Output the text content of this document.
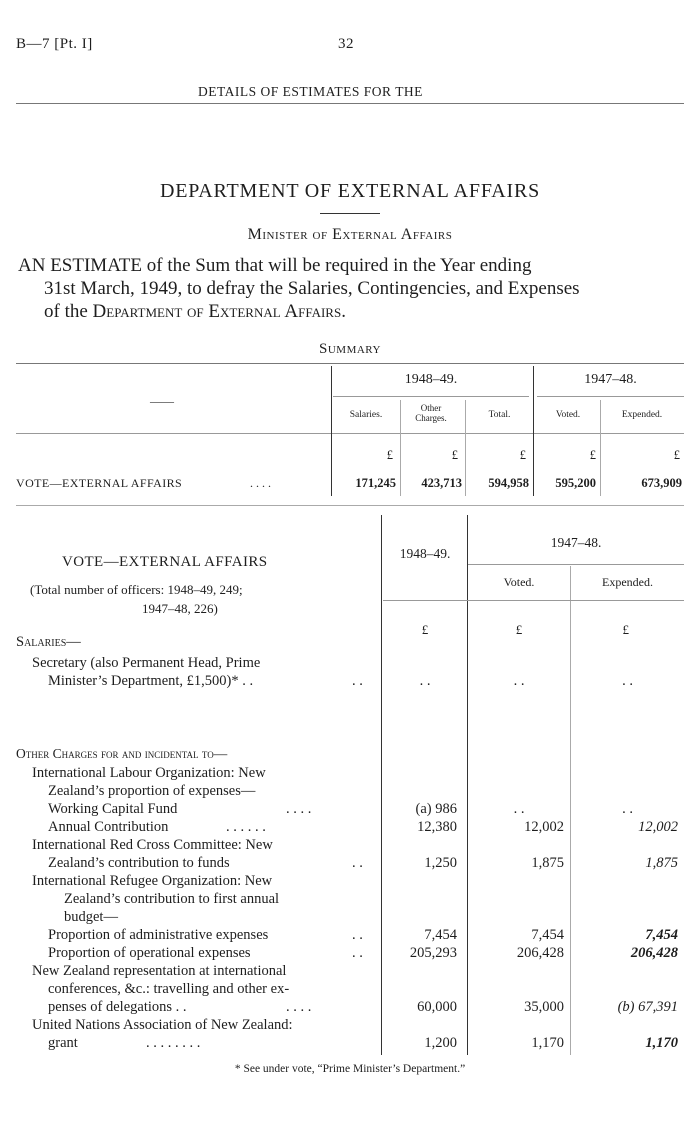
B—7 [Pt. I]	32
DETAILS OF ESTIMATES FOR THE
DEPARTMENT OF EXTERNAL AFFAIRS
Minister of External Affairs
AN ESTIMATE of the Sum that will be required in the Year ending
31st March, 1949, to defray the Salaries, Contingencies, and Expenses
of the Department of External Affairs.
Summary
——
1948–49.	1947–48.
Salaries.
Other Charges.	Total.	Voted.	Expended.
£	£	£	£	£
VOTE—EXTERNAL AFFAIRS	. . . .	171,245	423,713	594,958	595,200	673,909
VOTE—EXTERNAL AFFAIRS
(Total number of officers: 1948–49, 249;
1947–48, 226)
1948–49.
1947–48.
Voted.	Expended.
£	£	£
Salaries—
Secretary (also Permanent Head, Prime
Minister’s Department, £1,500)* . .	. .	. .	. .	. .
Other Charges for and incidental to—
International Labour Organization: New
Zealand’s proportion of expenses—
Working Capital Fund	. . . .	(a) 986	. .	. .
Annual Contribution	. . . . . .	12,380	12,002	12,002
International Red Cross Committee: New
Zealand’s contribution to funds	. .	1,250	1,875	1,875
International Refugee Organization: New
Zealand’s contribution to first annual
budget—
Proportion of administrative expenses	. .	7,454	7,454	7,454
Proportion of operational expenses	. .	205,293	206,428	206,428
New Zealand representation at international
conferences, &c.: travelling and other ex-
penses of delegations . .	. . . .	60,000	35,000	(b) 67,391
United Nations Association of New Zealand:
grant	. . . . . . . .	1,200	1,170	1,170
* See under vote, “Prime Minister’s Department.”
